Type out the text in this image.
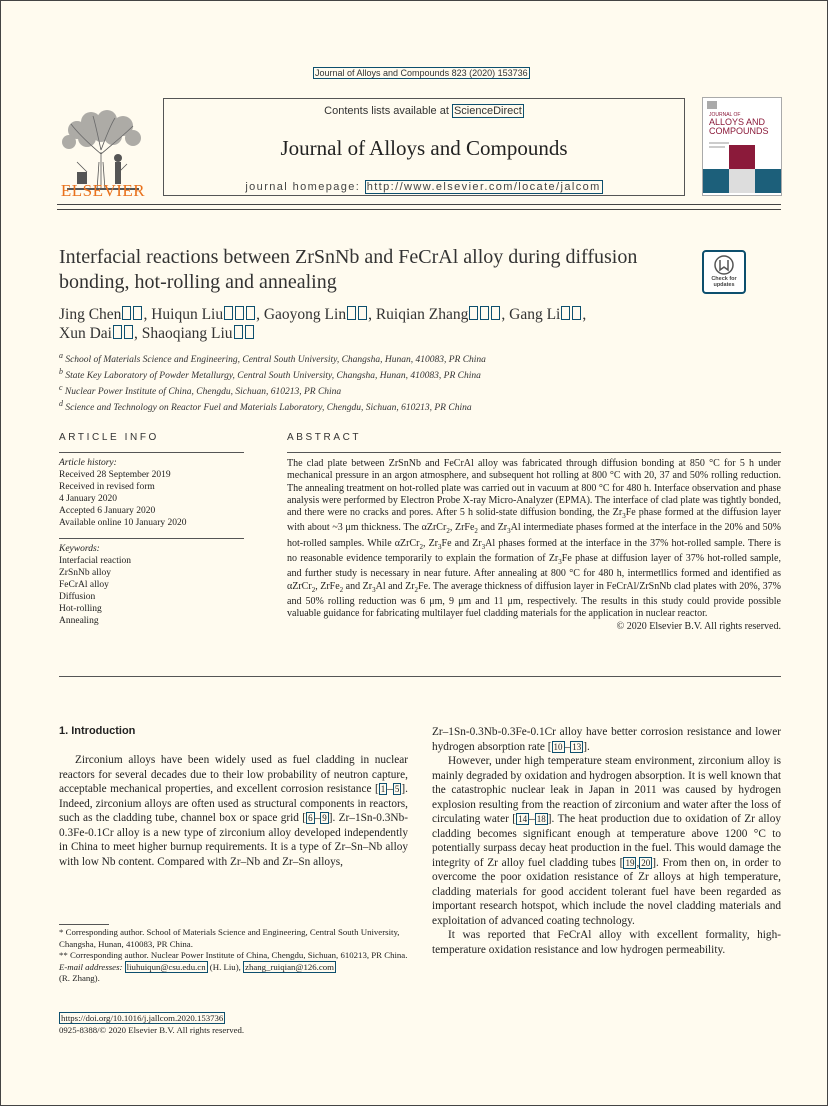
Journal of Alloys and Compounds 823 (2020) 153736
ELSEVIER
Contents lists available at ScienceDirect
Journal of Alloys and Compounds
journal homepage: http://www.elsevier.com/locate/jalcom
JOURNAL OF
ALLOYS AND
COMPOUNDS
Interfacial reactions between ZrSnNb and FeCrAl alloy during diffusion bonding, hot-rolling and annealing	Check for updates
Jing Chen , Huiqun Liu , Gaoyong Lin , Ruiqian Zhang , Gang Li ,
Xun Dai , Shaoqiang Liu
$^a$ School of Materials Science and Engineering, Central South University, Changsha, Hunan, 410083, PR China
$^b$ State Key Laboratory of Powder Metallurgy, Central South University, Changsha, Hunan, 410083, PR China
$^c$ Nuclear Power Institute of China, Chengdu, Sichuan, 610213, PR China
$^d$ Science and Technology on Reactor Fuel and Materials Laboratory, Chengdu, Sichuan, 610213, PR China
ARTICLE INFO	ABSTRACT
Article history:
Received 28 September 2019
Received in revised form
4 January 2020
Accepted 6 January 2020
Available online 10 January 2020
Keywords:
Interfacial reaction
ZrSnNb alloy
FeCrAl alloy
Diffusion
Hot-rolling
Annealing
The clad plate between ZrSnNb and FeCrAl alloy was fabricated through diffusion bonding at 850 °C for 5 h under mechanical pressure in an argon atmosphere, and subsequent hot rolling at 800 °C with 20, 37 and 50% rolling reduction. The annealing treatment on hot-rolled plate was carried out in vacuum at 800 °C for 480 h. Interface observation and phase analysis were performed by Electron Probe X-ray Micro-Analyzer (EPMA). The interface of clad plate was tightly bonded, and there were no cracks and pores. After 5 h solid-state diffusion bonding, the $Zr_3Fe$ phase formed at the diffusion layer with about ~3 μm thickness. The αZrCr$_2$, ZrFe$_2$ and $Zr_3Al$ intermediate phases formed at the interface in the 20% and 50% hot-rolled samples. While αZrCr$_2$, $Zr_3Fe$ and $Zr_3Al$ phases formed at the interface in the 37% hot-rolled sample. There is no reasonable evidence temporarily to explain the formation of $Zr_3Fe$ phase at diffusion layer of 37% hot-rolled sample, and further study is necessary in near future. After annealing at 800 °C for 480 h, intermetllics formed and identified as αZrCr$_2$, ZrFe$_2$ and $Zr_3Al$ and $Zr_2Fe$. The average thickness of diffusion layer in FeCrAl/ZrSnNb clad plates with 20%, 37% and 50% rolling reduction was 6 μm, 9 μm and 11 μm, respectively. The results in this study could provide possible valuable guidance for fabricating multilayer fuel cladding materials for the application in nuclear reactor.
© 2020 Elsevier B.V. All rights reserved.
1. Introduction

Zirconium alloys have been widely used as fuel cladding in nuclear reactors for several decades due to their low probability of neutron capture, acceptable mechanical properties, and excellent corrosion resistance [ 1 – 5 ]. Indeed, zirconium alloys are often used as structural components in reactors, such as the cladding tube, channel box or space grid [ 6 – 9 ]. Zr–1Sn-0.3Nb-0.3Fe-0.1Cr alloy is a new type of zirconium alloy developed independently in China to meet higher burnup requirements. It is a type of Zr–Sn–Nb alloy with low Nb content. Compared with Zr–Nb and Zr–Sn alloys,

Zr–1Sn-0.3Nb-0.3Fe-0.1Cr alloy have better corrosion resistance and lower hydrogen absorption rate [ 10 – 13 ].

However, under high temperature steam environment, zirconium alloy is mainly degraded by oxidation and hydrogen absorption. It is well known that the catastrophic nuclear leak in Japan in 2011 was caused by hydrogen explosion resulting from the reaction of zirconium and water after the loss of circulating water [ 14 – 18 ]. The heat production due to oxidation of Zr alloy cladding becomes significant enough at temperature above 1200 °C to potentially surpass decay heat production in the fuel. This would damage the integrity of Zr alloy fuel cladding tubes [ 19 , 20 ]. From then on, in order to overcome the poor oxidation resistance of Zr alloys at high temperature, cladding materials for good accident tolerant fuel have been regarded as important research hotspot, which include the novel cladding materials and exploitation of advanced coating technology.

It was reported that FeCrAl alloy with excellent formality, high-temperature oxidation resistance and low hydrogen permeability.

* Corresponding author. School of Materials Science and Engineering, Central South University, Changsha, Hunan, 410083, PR China.

** Corresponding author. Nuclear Power Institute of China, Chengdu, Sichuan, 610213, PR China.

E-mail addresses: liuhuiqun@csu.edu.cn (H. Liu), zhang_ruiqian@126.com
(R. Zhang).

https://doi.org/10.1016/j.jallcom.2020.153736
0925-8388/© 2020 Elsevier B.V. All rights reserved.
